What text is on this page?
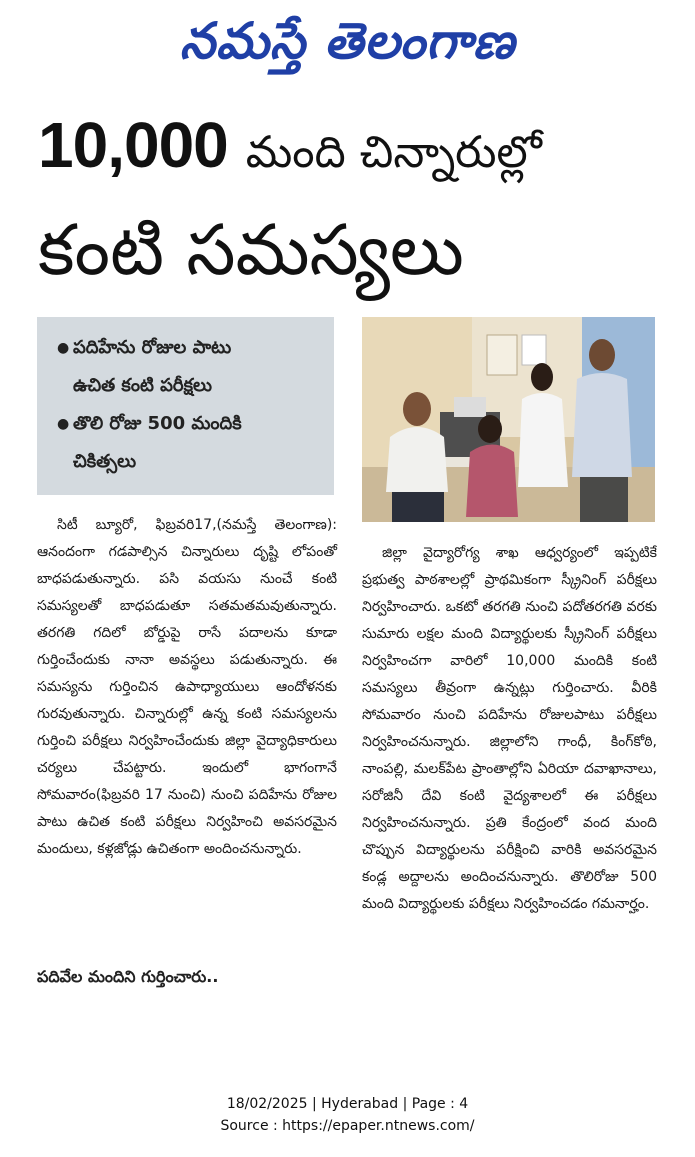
నమస్తే తెలంగాణ
10,000 మంది చిన్నారుల్లో
కంటి సమస్యలు
● పదిహేను రోజుల పాటు
ఉచిత కంటి పరీక్షలు
● తొలి రోజు 500 మందికి
చికిత్సలు

సిటీ బ్యూరో, ఫిబ్రవరి17,(నమస్తే తెలంగాణ): ఆనందంగా గడపాల్సిన చిన్నారులు దృష్టి లోపంతో బాధపడుతున్నారు. పసి వయసు నుంచే కంటి సమస్యలతో బాధపడుతూ సతమతమవుతున్నారు. తరగతి గదిలో బోర్డుపై రాసే పదాలను కూడా గుర్తించేందుకు నానా అవస్థలు పడుతున్నారు. ఈ సమస్యను గుర్తించిన ఉపాధ్యాయులు ఆందోళనకు గురవుతున్నారు. చిన్నారుల్లో ఉన్న కంటి సమస్యలను గుర్తించి పరీక్షలు నిర్వహించేందుకు జిల్లా వైద్యాధికారులు చర్యలు చేపట్టారు. ఇందులో భాగంగానే సోమవారం(ఫిబ్రవరి 17 నుంచి) నుంచి పదిహేను రోజుల పాటు ఉచిత కంటి పరీక్షలు నిర్వహించి అవసరమైన మందులు, కళ్లజోడ్లు ఉచితంగా అందించనున్నారు.

పదివేల మందిని గుర్తించారు..

జిల్లా వైద్యారోగ్య శాఖ ఆధ్వర్యంలో ఇప్పటికే ప్రభుత్వ పాఠశాలల్లో ప్రాథమికంగా స్క్రీనింగ్ పరీక్షలు నిర్వహించారు. ఒకటో తరగతి నుంచి పదోతరగతి వరకు సుమారు లక్షల మంది విద్యార్థులకు స్క్రీనింగ్ పరీక్షలు నిర్వహించగా వారిలో 10,000 మందికి కంటి సమస్యలు తీవ్రంగా ఉన్నట్లు గుర్తించారు. వీరికి సోమవారం నుంచి పదిహేను రోజులపాటు పరీక్షలు నిర్వహించనున్నారు. జిల్లాలోని గాంధీ, కింగ్‌కోఠి, నాంపల్లి, మలక్‌పేట ప్రాంతాల్లోని ఏరియా దవాఖానాలు, సరోజినీ దేవి కంటి వైద్యశాలలో ఈ పరీక్షలు నిర్వహించనున్నారు. ప్రతి కేంద్రంలో వంద మంది చొప్పున విద్యార్థులను పరీక్షించి వారికి అవసరమైన కండ్ల అద్దాలను అందించనున్నారు. తొలిరోజు 500 మంది విద్యార్థులకు పరీక్షలు నిర్వహించడం గమనార్హం.

18/02/2025 | Hyderabad | Page : 4
Source : https://epaper.ntnews.com/
